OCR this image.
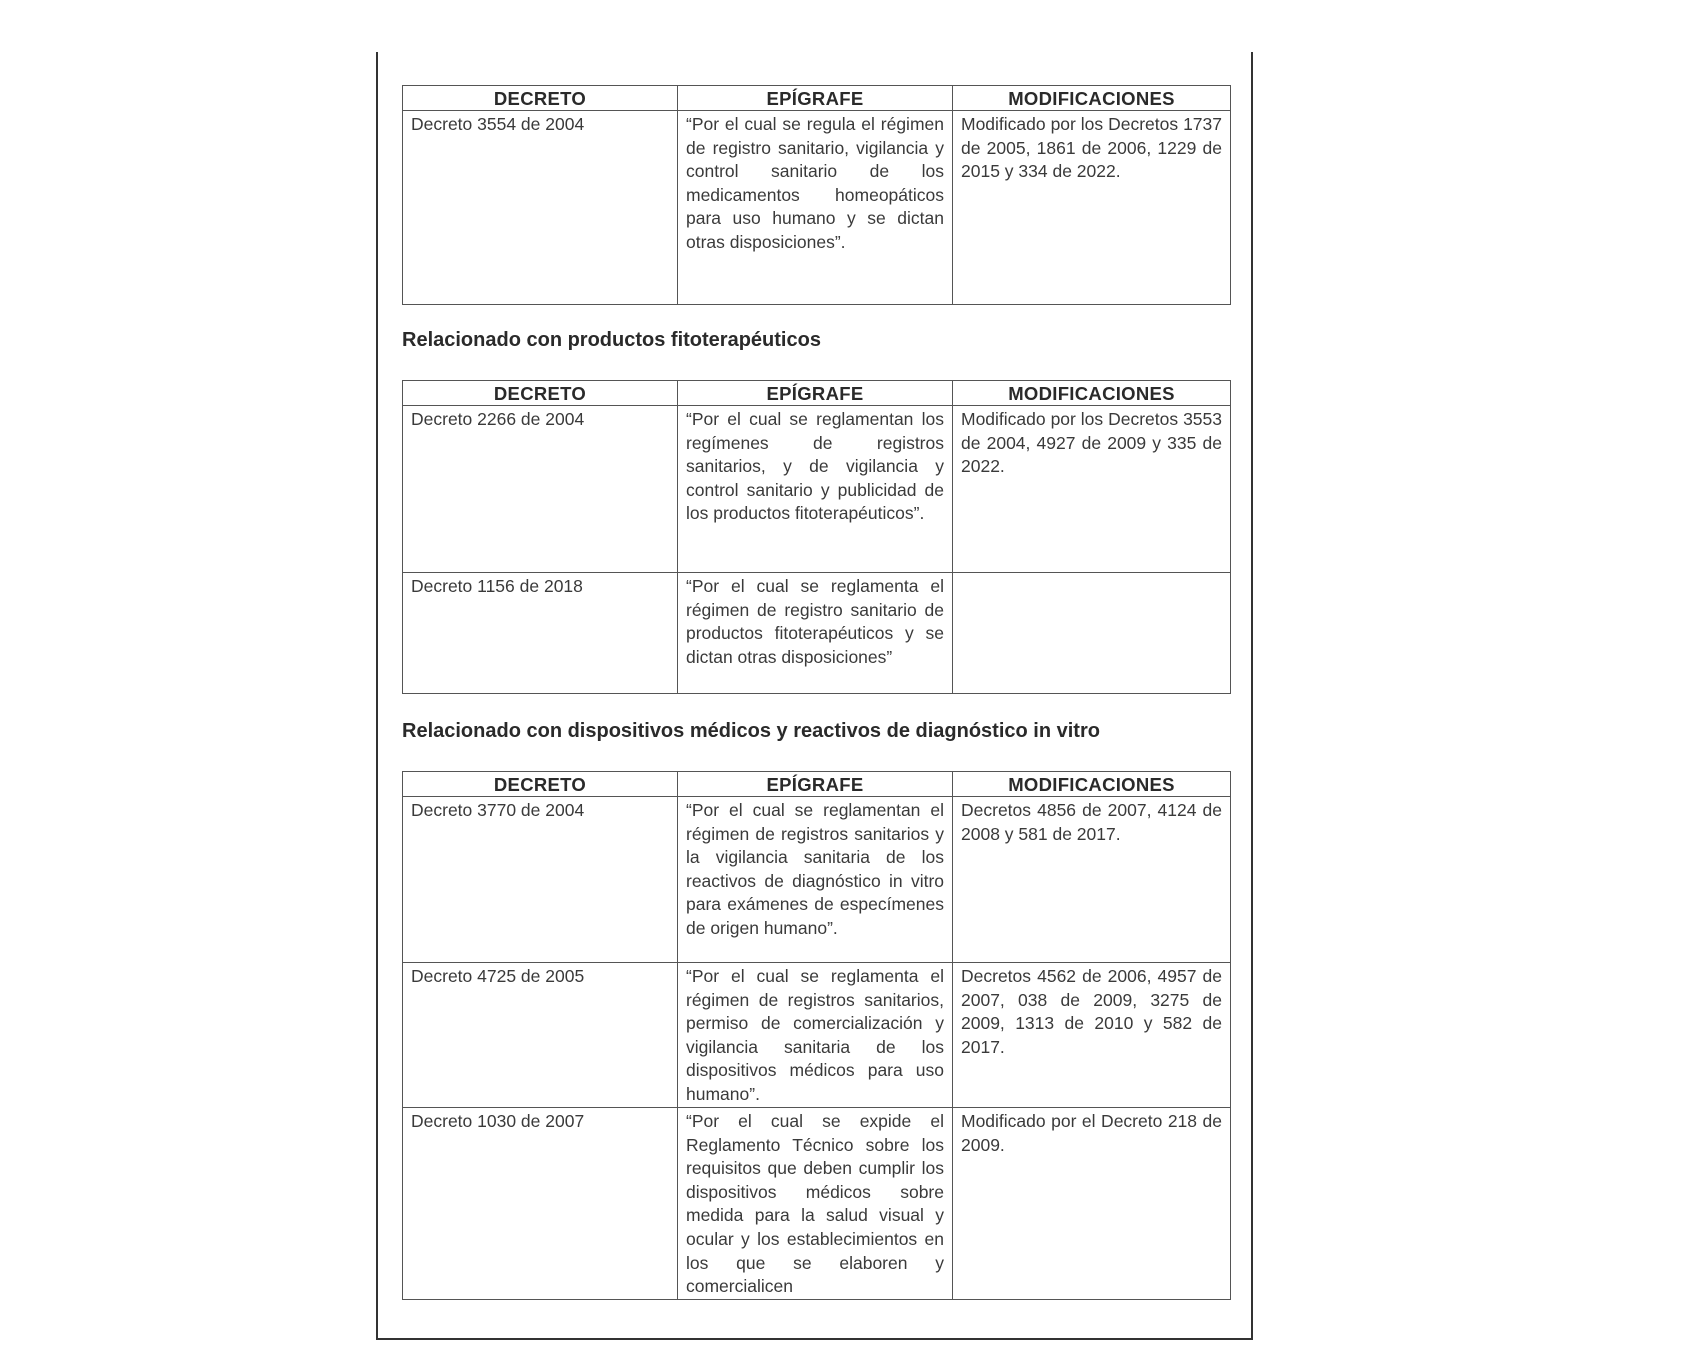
DECRETO	EPÍGRAFE	MODIFICACIONES
Decreto 3554 de 2004	“Por el cual se regula el régimen de registro sanitario, vigilancia y control sanitario de los medicamentos homeopáticos para uso humano y se dictan otras disposiciones”.	Modificado por los Decretos 1737 de 2005, 1861 de 2006, 1229 de 2015 y 334 de 2022.
Relacionado con productos fitoterapéuticos
DECRETO	EPÍGRAFE	MODIFICACIONES
Decreto 2266 de 2004	“Por el cual se reglamentan los regímenes de registros sanitarios, y de vigilancia y control sanitario y publicidad de los productos fitoterapéuticos”.	Modificado por los Decretos 3553 de 2004, 4927 de 2009 y 335 de 2022.
Decreto 1156 de 2018	“Por el cual se reglamenta el régimen de registro sanitario de productos fitoterapéuticos y se dictan otras disposiciones”	
Relacionado con dispositivos médicos y reactivos de diagnóstico in vitro
DECRETO	EPÍGRAFE	MODIFICACIONES
Decreto 3770 de 2004	“Por el cual se reglamentan el régimen de registros sanitarios y la vigilancia sanitaria de los reactivos de diagnóstico in vitro para exámenes de especímenes de origen humano”.	Decretos 4856 de 2007, 4124 de 2008 y 581 de 2017.
Decreto 4725 de 2005	“Por el cual se reglamenta el régimen de registros sanitarios, permiso de comercialización y vigilancia sanitaria de los dispositivos médicos para uso humano”.	Decretos 4562 de 2006, 4957 de 2007, 038 de 2009, 3275 de 2009, 1313 de 2010 y 582 de 2017.
Decreto 1030 de 2007	“Por el cual se expide el Reglamento Técnico sobre los requisitos que deben cumplir los dispositivos médicos sobre medida para la salud visual y ocular y los establecimientos en los que se elaboren y comercialicen	Modificado por el Decreto 218 de 2009.
